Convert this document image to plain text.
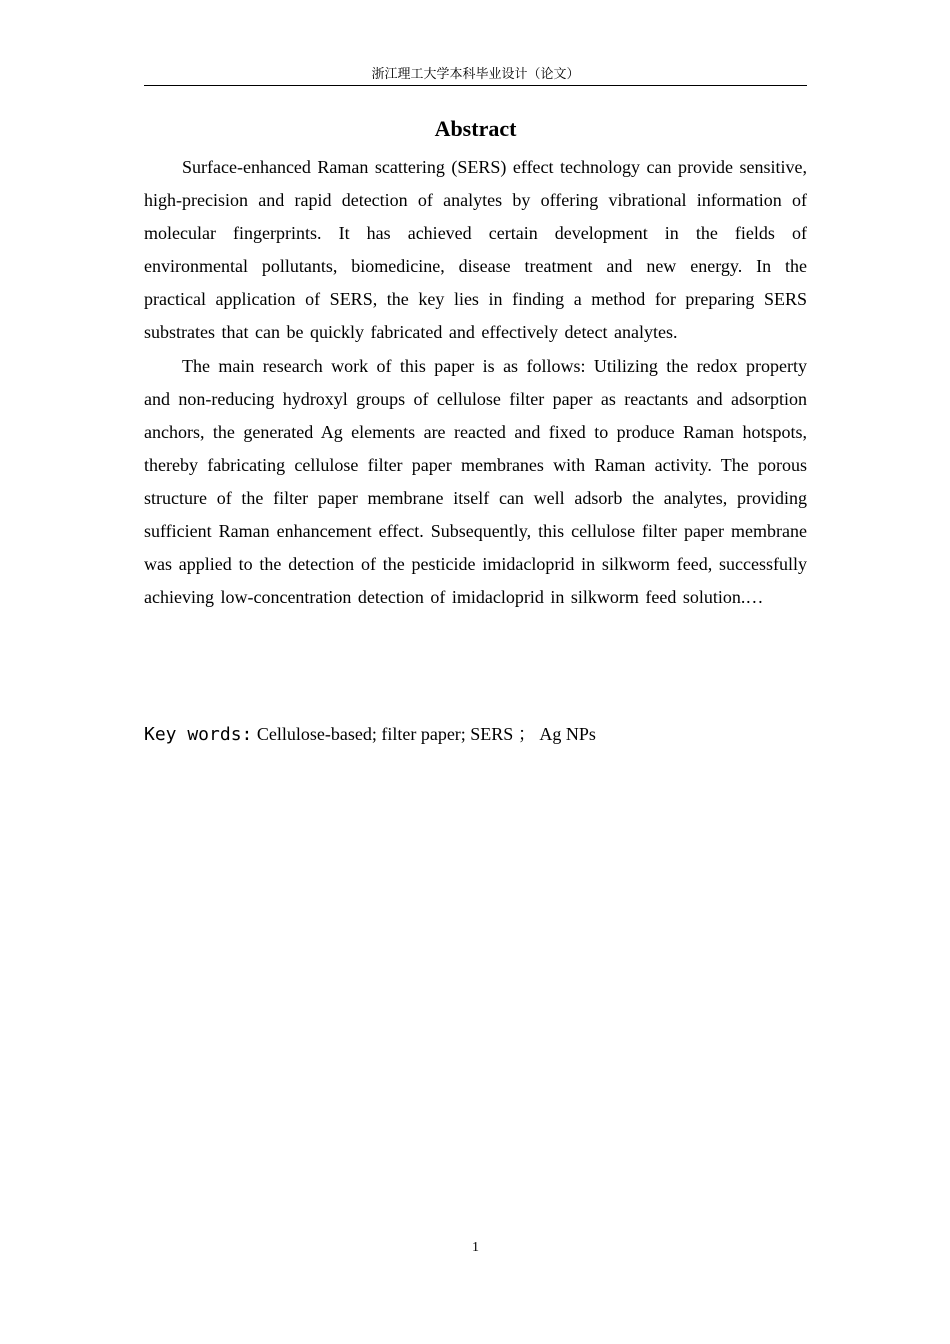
浙江理工大学本科毕业设计（论文）
Abstract

Surface-enhanced Raman scattering (SERS) effect technology can provide sensitive, high-precision and rapid detection of analytes by offering vibrational information of molecular fingerprints. It has achieved certain development in the fields of environmental pollutants, biomedicine, disease treatment and new energy. In the practical application of SERS, the key lies in finding a method for preparing SERS substrates that can be quickly fabricated and effectively detect analytes.

The main research work of this paper is as follows: Utilizing the redox property and non-reducing hydroxyl groups of cellulose filter paper as reactants and adsorption anchors, the generated Ag elements are reacted and fixed to produce Raman hotspots, thereby fabricating cellulose filter paper membranes with Raman activity. The porous structure of the filter paper membrane itself can well adsorb the analytes, providing sufficient Raman enhancement effect. Subsequently, this cellulose filter paper membrane was applied to the detection of the pesticide imidacloprid in silkworm feed, successfully achieving low-concentration detection of imidacloprid in silkworm feed solution.…

Key words: Cellulose-based; filter paper; SERS ； Ag NPs
1
